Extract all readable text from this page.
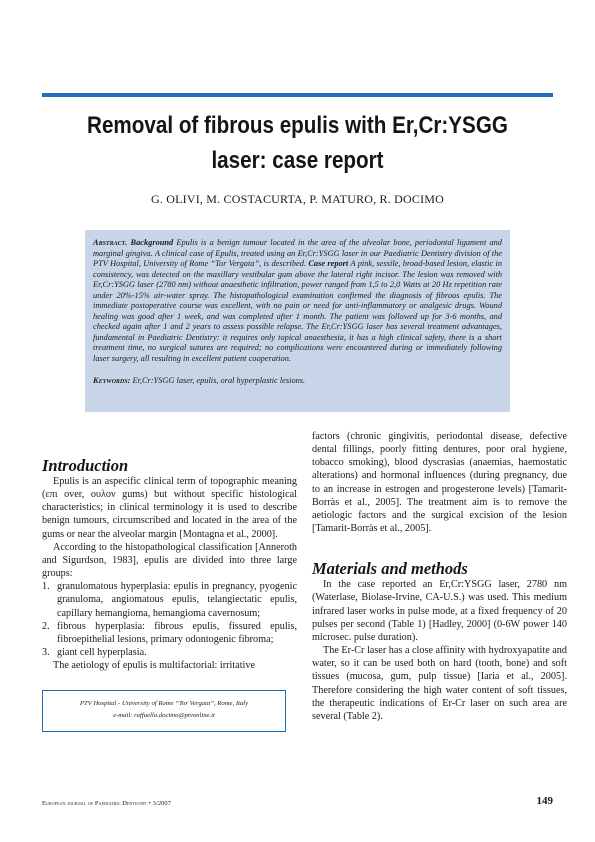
Removal of fibrous epulis with Er,Cr:YSGG
laser: case report
G. OLIVI, M. COSTACURTA, P. MATURO, R. DOCIMO

Abstract. Background Epulis is a benign tumour located in the area of the alveolar bone, periodontal ligament and marginal gingiva. A clinical case of Epulis, treated using an Er,Cr:YSGG laser in our Paediatric Dentistry division of the PTV Hospital, University of Rome “Tor Vergata”, is described. Case report A pink, sessile, broad-based lesion, elastic in consistency, was detected on the maxillary vestibular gum above the lateral right incisor. The lesion was removed with Er,Cr:YSGG laser (2780 nm) without anaesthetic infiltration, power ranged from 1,5 to 2,0 Watts at 20 Hz repetition rate under 20%-15% air-water spray. The histopathological examination confirmed the diagnosis of fibrous epulis. The immediate postoperative course was excellent, with no pain or need for anti-inflammatory or analgesic drugs. Wound healing was good after 1 week, and was completed after 1 month. The patient was followed up for 3-6 months, and checked again after 1 and 2 years to assess possible relapse. The Er,Cr:YSGG laser has several treatment advantages, fundamental in Paediatric Dentistry: it requires only topical anaesthesia, it has a high clinical safety, there is a short treatment time, no surgical sutures are required; no complications were encountered during or immediately following laser surgery, all resulting in excellent patient cooperation.

Keywords: Er,Cr:YSGG laser, epulis, oral hyperplastic lesions.

Introduction

Epulis is an aspecific clinical term of topographic meaning (επι over, ουλον gums) but without specific histological characteristics; in clinical terminology it is used to describe benign tumours, circumscribed and located in the area of the gums or near the alveolar margin [Montagna et al., 2000].

According to the histopathological classification [Anneroth and Sigurdson, 1983], epulis are divided into three large groups:

1. granulomatous hyperplasia: epulis in pregnancy, pyogenic granuloma, angiomatous epulis, telangiectatic epulis, capillary hemangioma, hemangioma cavernosum;
2. fibrous hyperplasia: fibrous epulis, fissured epulis, fibroepithelial lesions, primary odontogenic fibroma;
3. giant cell hyperplasia.

The aetiology of epulis is multifactorial: irritative

PTV Hospital - University of Rome “Tor Vergata”, Rome, Italy
e-mail: raffaella.docimo@ptvonline.it

factors (chronic gingivitis, periodontal disease, defective dental fillings, poorly fitting dentures, poor oral hygiene, tobacco smoking), blood dyscrasias (anaemias, haemostatic alterations) and hormonal influences (during pregnancy, due to an increase in estrogen and progesterone levels) [Tamarit-Borràs et al., 2005]. The treatment aim is to remove the aetiologic factors and the surgical excision of the lesion [Tamarit-Borràs et al., 2005].

Materials and methods

In the case reported an Er,Cr:YSGG laser, 2780 nm (Waterlase, Biolase-Irvine, CA-U.S.) was used. This medium infrared laser works in pulse mode, at a fixed frequency of 20 pulses per second (Table 1) [Hadley, 2000] (0-6W power 140 microsec. pulse duration).

The Er-Cr laser has a close affinity with hydroxyapatite and water, so it can be used both on hard (tooth, bone) and soft tissues (mucosa, gum, pulp tissue) [Iaria et al., 2005]. Therefore considering the high water content of soft tissues, the therapeutic indications of Er-Cr laser on such area are several (Table 2).

European journal of Paediatric Dentistry • 3/2007	149
